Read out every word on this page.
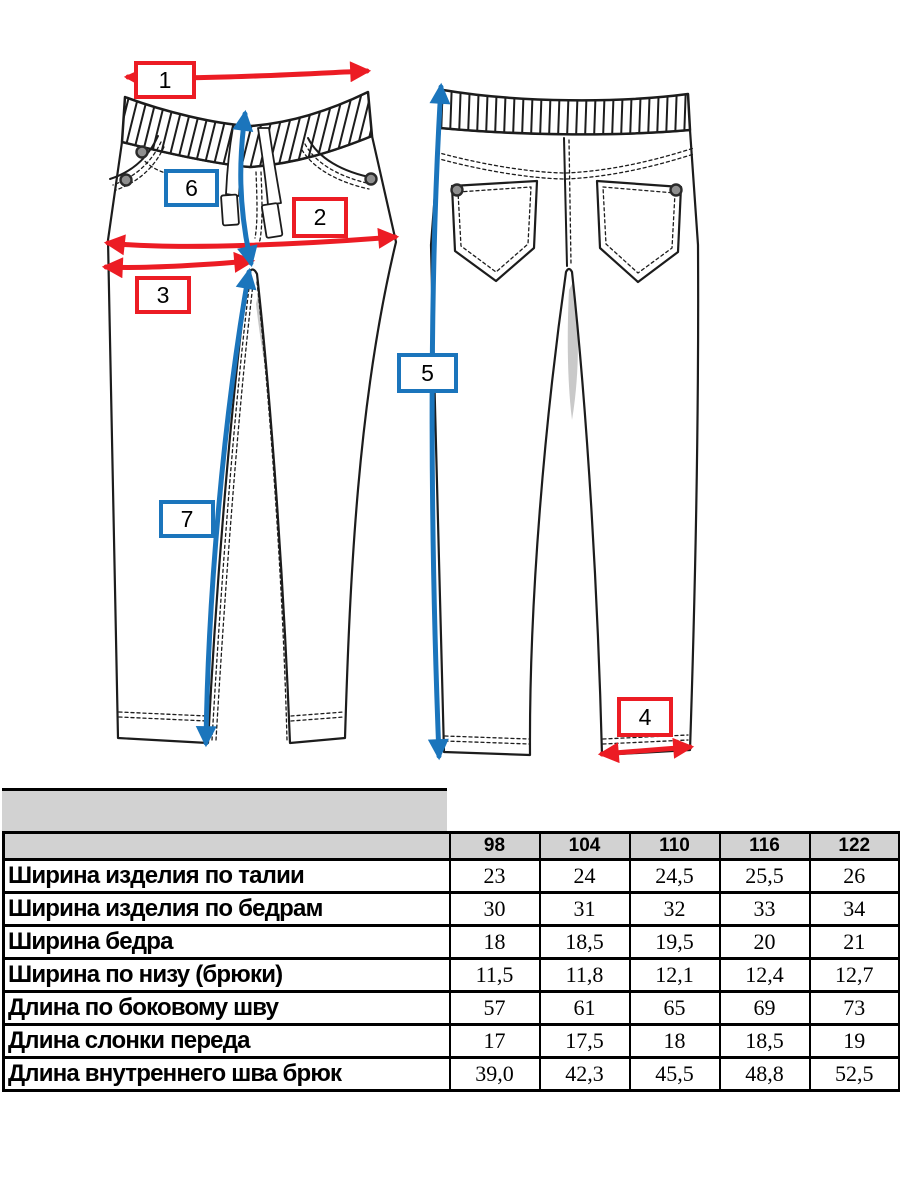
1
2
3
4
5
6
7
	98	104	110	116	122
Ширина изделия по талии	23	24	24,5	25,5	26
Ширина изделия по бедрам	30	31	32	33	34
Ширина бедра	18	18,5	19,5	20	21
Ширина по низу (брюки)	11,5	11,8	12,1	12,4	12,7
Длина по боковому шву	57	61	65	69	73
Длина слонки переда	17	17,5	18	18,5	19
Длина внутреннего шва брюк	39,0	42,3	45,5	48,8	52,5
